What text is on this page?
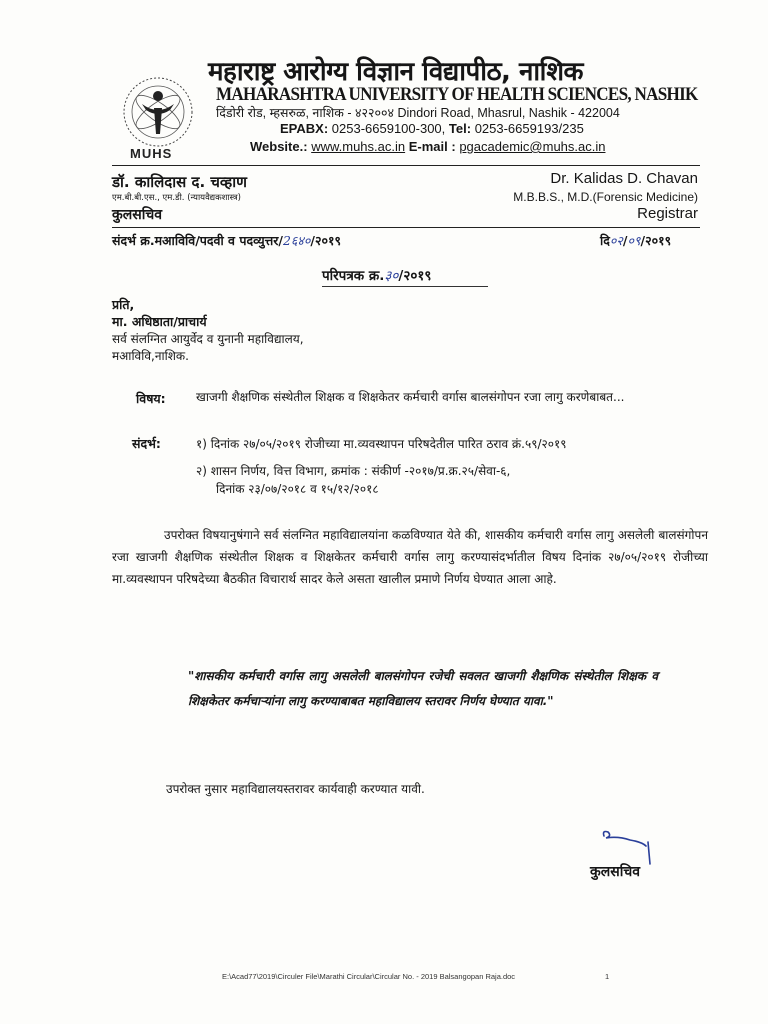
MUHS
महाराष्ट्र आरोग्य विज्ञान विद्यापीठ, नाशिक
MAHARASHTRA UNIVERSITY OF HEALTH SCIENCES, NASHIK
दिंडोरी रोड, म्हसरुळ, नाशिक - ४२२००४ Dindori Road, Mhasrul, Nashik - 422004
EPABX: 0253-6659100-300, Tel: 0253-6659193/235
Website.: www.muhs.ac.in E-mail : pgacademic@muhs.ac.in
डॉ. कालिदास द. चव्हाण
एम.बी.बी.एस., एम.डी. (न्यायवैद्यकशास्त्र)
कुलसचिव
Dr. Kalidas D. Chavan
M.B.B.S., M.D.(Forensic Medicine)
Registrar
संदर्भ क्र.मआविवि/पदवी व पदव्युत्तर/2६४०/२०१९	दि०२/०९/२०१९
परिपत्रक क्र.३०/२०१९
प्रति,
मा. अधिष्ठाता/प्राचार्य
सर्व संलग्नित आयुर्वेद व युनानी महाविद्यालय,
मआविवि,नाशिक.
विषय:	खाजगी शैक्षणिक संस्थेतील शिक्षक व शिक्षकेतर कर्मचारी वर्गास बालसंगोपन रजा लागु करणेबाबत...
संदर्भ:	१) दिनांक २७/०५/२०१९ रोजीच्या मा.व्यवस्थापन परिषदेतील पारित ठराव क्रं.५९/२०१९
२) शासन निर्णय, वित्त विभाग, क्रमांक : संकीर्ण -२०१७/प्र.क्र.२५/सेवा-६,
दिनांक २३/०७/२०१८ व १५/१२/२०१८
उपरोक्त विषयानुषंगाने सर्व संलग्नित महाविद्यालयांना कळविण्यात येते की, शासकीय कर्मचारी वर्गास लागु असलेली बालसंगोपन रजा खाजगी शैक्षणिक संस्थेतील शिक्षक व शिक्षकेतर कर्मचारी वर्गास लागु करण्यासंदर्भातील विषय दिनांक २७/०५/२०१९ रोजीच्या मा.व्यवस्थापन परिषदेच्या बैठकीत विचारार्थ सादर केले असता खालील प्रमाणे निर्णय घेण्यात आला आहे.
"शासकीय कर्मचारी वर्गास लागु असलेली बालसंगोपन रजेची सवलत खाजगी शैक्षणिक संस्थेतील शिक्षक व शिक्षकेतर कर्मचाऱ्यांना लागु करण्याबाबत महाविद्यालय स्तरावर निर्णय घेण्यात यावा."
उपरोक्त नुसार महाविद्यालयस्तरावर कार्यवाही करण्यात यावी.
कुलसचिव
E:\Acad77\2019\Circuler File\Marathi Circular\Circular No. - 2019 Balsangopan Raja.doc	1
